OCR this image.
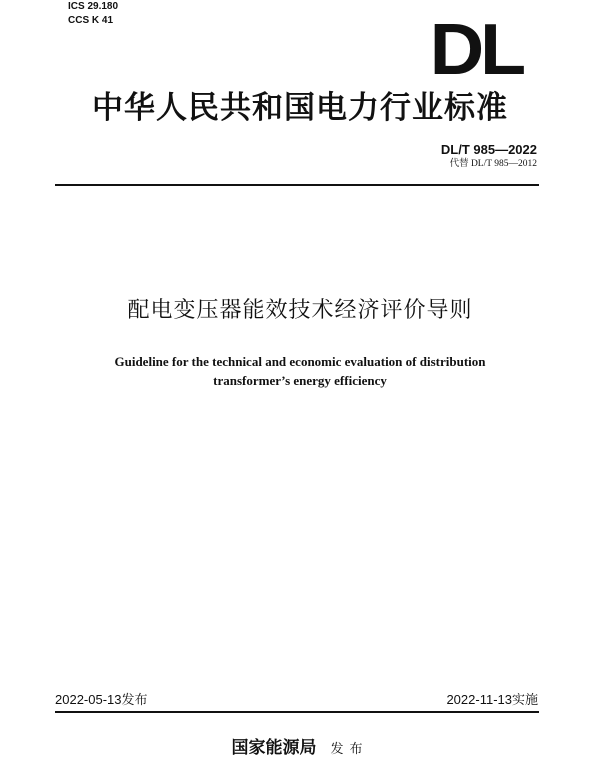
ICS 29.180
CCS K 41	DL
中华人民共和国电力行业标准
DL/T 985—2022
代替 DL/T 985—2012
配电变压器能效技术经济评价导则
Guideline for the technical and economic evaluation of distribution
transformer’s energy efficiency
2022-05-13发布	2022-11-13实施
国家能源局 发布
